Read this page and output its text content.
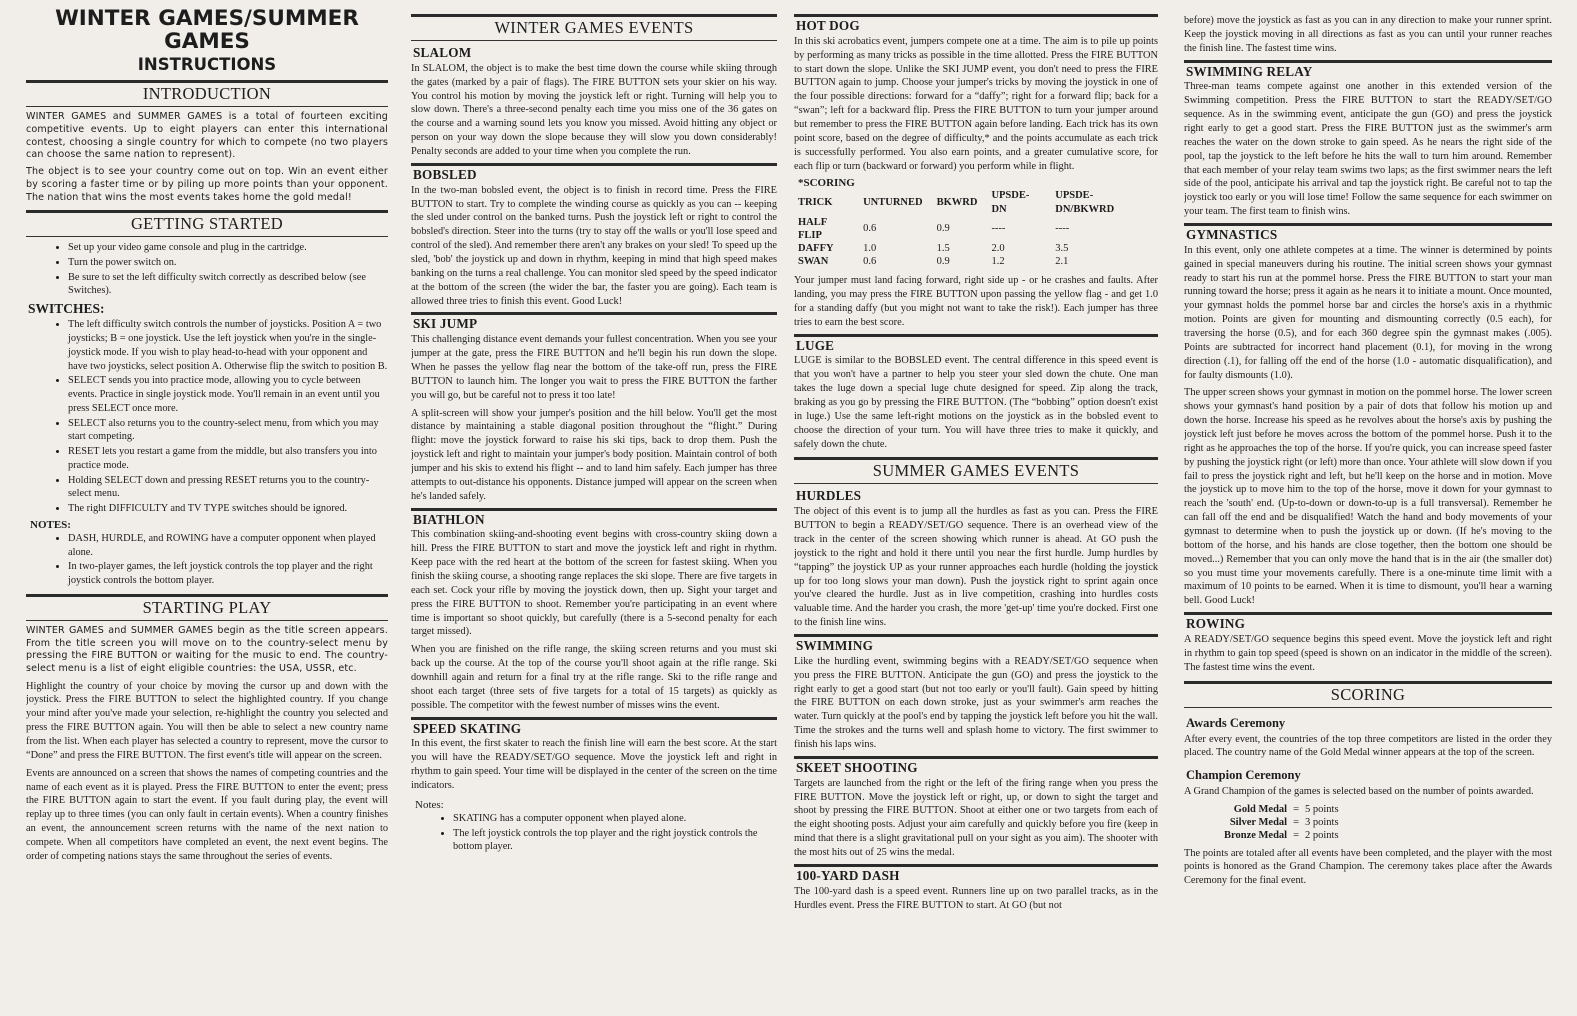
WINTER GAMES/SUMMER GAMES
INSTRUCTIONS
INTRODUCTION

WINTER GAMES and SUMMER GAMES is a total of fourteen exciting competitive events. Up to eight players can enter this international contest, choosing a single country for which to compete (no two players can choose the same nation to represent).

The object is to see your country come out on top. Win an event either by scoring a faster time or by piling up more points than your opponent. The nation that wins the most events takes home the gold medal!

GETTING STARTED
• Set up your video game console and plug in the cartridge.
• Turn the power switch on.
• Be sure to set the left difficulty switch correctly as described below (see Switches).
SWITCHES:
• The left difficulty switch controls the number of joysticks. Position A = two joysticks; B = one joystick. Use the left joystick when you're in the single-joystick mode. If you wish to play head-to-head with your opponent and have two joysticks, select position A. Otherwise flip the switch to position B.
• SELECT sends you into practice mode, allowing you to cycle between events. Practice in single joystick mode. You'll remain in an event until you press SELECT once more.
• SELECT also returns you to the country-select menu, from which you may start competing.
• RESET lets you restart a game from the middle, but also transfers you into practice mode.
• Holding SELECT down and pressing RESET returns you to the country-select menu.
• The right DIFFICULTY and TV TYPE switches should be ignored.
NOTES:
• DASH, HURDLE, and ROWING have a computer opponent when played alone.
• In two-player games, the left joystick controls the top player and the right joystick controls the bottom player.
STARTING PLAY

WINTER GAMES and SUMMER GAMES begin as the title screen appears. From the title screen you will move on to the country-select menu by pressing the FIRE BUTTON or waiting for the music to end. The country-select menu is a list of eight eligible countries: the USA, USSR, etc.

Highlight the country of your choice by moving the cursor up and down with the joystick. Press the FIRE BUTTON to select the highlighted country. If you change your mind after you've made your selection, re-highlight the country you selected and press the FIRE BUTTON again. You will then be able to select a new country name from the list. When each player has selected a country to represent, move the cursor to “Done” and press the FIRE BUTTON. The first event's title will appear on the screen.

Events are announced on a screen that shows the names of competing countries and the name of each event as it is played. Press the FIRE BUTTON to enter the event; press the FIRE BUTTON again to start the event. If you fault during play, the event will replay up to three times (you can only fault in certain events). When a country finishes an event, the announcement screen returns with the name of the next nation to compete. When all competitors have completed an event, the next event begins. The order of competing nations stays the same throughout the series of events.

WINTER GAMES EVENTS
SLALOM

In SLALOM, the object is to make the best time down the course while skiing through the gates (marked by a pair of flags). The FIRE BUTTON sets your skier on his way. You control his motion by moving the joystick left or right. Turning will help you to slow down. There's a three-second penalty each time you miss one of the 36 gates on the course and a warning sound lets you know you missed. Avoid hitting any object or person on your way down the slope because they will slow you down considerably! Penalty seconds are added to your time when you complete the run.

BOBSLED

In the two-man bobsled event, the object is to finish in record time. Press the FIRE BUTTON to start. Try to complete the winding course as quickly as you can -- keeping the sled under control on the banked turns. Push the joystick left or right to control the bobsled's direction. Steer into the turns (try to stay off the walls or you'll lose speed and control of the sled). And remember there aren't any brakes on your sled! To speed up the sled, 'bob' the joystick up and down in rhythm, keeping in mind that high speed makes banking on the turns a real challenge. You can monitor sled speed by the speed indicator at the bottom of the screen (the wider the bar, the faster you are going). Each team is allowed three tries to finish this event. Good Luck!

SKI JUMP

This challenging distance event demands your fullest concentration. When you see your jumper at the gate, press the FIRE BUTTON and he'll begin his run down the slope. When he passes the yellow flag near the bottom of the take-off run, press the FIRE BUTTON to launch him. The longer you wait to press the FIRE BUTTON the farther you will go, but be careful not to press it too late!

A split-screen will show your jumper's position and the hill below. You'll get the most distance by maintaining a stable diagonal position throughout the “flight.” During flight: move the joystick forward to raise his ski tips, back to drop them. Push the joystick left and right to maintain your jumper's body position. Maintain control of both jumper and his skis to extend his flight -- and to land him safely. Each jumper has three attempts to out-distance his opponents. Distance jumped will appear on the screen when he's landed safely.

BIATHLON

This combination skiing-and-shooting event begins with cross-country skiing down a hill. Press the FIRE BUTTON to start and move the joystick left and right in rhythm. Keep pace with the red heart at the bottom of the screen for fastest skiing. When you finish the skiing course, a shooting range replaces the ski slope. There are five targets in each set. Cock your rifle by moving the joystick down, then up. Sight your target and press the FIRE BUTTON to shoot. Remember you're participating in an event where time is important so shoot quickly, but carefully (there is a 5-second penalty for each target missed).

When you are finished on the rifle range, the skiing screen returns and you must ski back up the course. At the top of the course you'll shoot again at the rifle range. Ski downhill again and return for a final try at the rifle range. Ski to the rifle range and shoot each target (three sets of five targets for a total of 15 targets) as quickly as possible. The competitor with the fewest number of misses wins the event.

SPEED SKATING

In this event, the first skater to reach the finish line will earn the best score. At the start you will have the READY/SET/GO sequence. Move the joystick left and right in rhythm to gain speed. Your time will be displayed in the center of the screen on the time indicators.

Notes:
• SKATING has a computer opponent when played alone.
• The left joystick controls the top player and the right joystick controls the bottom player.
HOT DOG

In this ski acrobatics event, jumpers compete one at a time. The aim is to pile up points by performing as many tricks as possible in the time allotted. Press the FIRE BUTTON to start down the slope. Unlike the SKI JUMP event, you don't need to press the FIRE BUTTON again to jump. Choose your jumper's tricks by moving the joystick in one of the four possible directions: forward for a “daffy”; right for a forward flip; back for a “swan”; left for a backward flip. Press the FIRE BUTTON to turn your jumper around but remember to press the FIRE BUTTON again before landing. Each trick has its own point score, based on the degree of difficulty,* and the points accumulate as each trick is successfully performed. You also earn points, and a greater cumulative score, for each flip or turn (backward or forward) you perform while in flight.

*SCORING
TRICK	UNTURNED	BKWRD	UPSDE-DN	UPSDE-DN/BKWRD
HALF FLIP	0.6	0.9	----	----
DAFFY	1.0	1.5	2.0	3.5
SWAN	0.6	0.9	1.2	2.1

Your jumper must land facing forward, right side up - or he crashes and faults. After landing, you may press the FIRE BUTTON upon passing the yellow flag - and get 1.0 for a standing daffy (but you might not want to take the risk!). Each jumper has three tries to earn the best score.

LUGE

LUGE is similar to the BOBSLED event. The central difference in this speed event is that you won't have a partner to help you steer your sled down the chute. One man takes the luge down a special luge chute designed for speed. Zip along the track, braking as you go by pressing the FIRE BUTTON. (The “bobbing” option doesn't exist in luge.) Use the same left-right motions on the joystick as in the bobsled event to choose the direction of your turn. You will have three tries to make it quickly, and safely down the chute.

SUMMER GAMES EVENTS
HURDLES

The object of this event is to jump all the hurdles as fast as you can. Press the FIRE BUTTON to begin a READY/SET/GO sequence. There is an overhead view of the track in the center of the screen showing which runner is ahead. At GO push the joystick to the right and hold it there until you near the first hurdle. Jump hurdles by “tapping” the joystick UP as your runner approaches each hurdle (holding the joystick up for too long slows your man down). Push the joystick right to sprint again once you've cleared the hurdle. Just as in live competition, crashing into hurdles costs valuable time. And the harder you crash, the more 'get-up' time you're docked. First one to the finish line wins.

SWIMMING

Like the hurdling event, swimming begins with a READY/SET/GO sequence when you press the FIRE BUTTON. Anticipate the gun (GO) and press the joystick to the right early to get a good start (but not too early or you'll fault). Gain speed by hitting the FIRE BUTTON on each down stroke, just as your swimmer's arm reaches the water. Turn quickly at the pool's end by tapping the joystick left before you hit the wall. Time the strokes and the turns well and splash home to victory. The first swimmer to finish his laps wins.

SKEET SHOOTING

Targets are launched from the right or the left of the firing range when you press the FIRE BUTTON. Move the joystick left or right, up, or down to sight the target and shoot by pressing the FIRE BUTTON. Shoot at either one or two targets from each of the eight shooting posts. Adjust your aim carefully and quickly before you fire (keep in mind that there is a slight gravitational pull on your sight as you aim). The shooter with the most hits out of 25 wins the medal.

100-YARD DASH

The 100-yard dash is a speed event. Runners line up on two parallel tracks, as in the Hurdles event. Press the FIRE BUTTON to start. At GO (but not

before) move the joystick as fast as you can in any direction to make your runner sprint. Keep the joystick moving in all directions as fast as you can until your runner reaches the finish line. The fastest time wins.

SWIMMING RELAY

Three-man teams compete against one another in this extended version of the Swimming competition. Press the FIRE BUTTON to start the READY/SET/GO sequence. As in the swimming event, anticipate the gun (GO) and press the joystick right early to get a good start. Press the FIRE BUTTON just as the swimmer's arm reaches the water on the down stroke to gain speed. As he nears the right side of the pool, tap the joystick to the left before he hits the wall to turn him around. Remember that each member of your relay team swims two laps; as the first swimmer nears the left side of the pool, anticipate his arrival and tap the joystick right. Be careful not to tap the joystick too early or you will lose time! Follow the same sequence for each swimmer on your team. The first team to finish wins.

GYMNASTICS

In this event, only one athlete competes at a time. The winner is determined by points gained in special maneuvers during his routine. The initial screen shows your gymnast ready to start his run at the pommel horse. Press the FIRE BUTTON to start your man running toward the horse; press it again as he nears it to initiate a mount. Once mounted, your gymnast holds the pommel horse bar and circles the horse's axis in a rhythmic motion. Points are given for mounting and dismounting correctly (0.5 each), for traversing the horse (0.5), and for each 360 degree spin the gymnast makes (.005). Points are subtracted for incorrect hand placement (0.1), for moving in the wrong direction (.1), for falling off the end of the horse (1.0 - automatic disqualification), and for faulty dismounts (1.0).

The upper screen shows your gymnast in motion on the pommel horse. The lower screen shows your gymnast's hand position by a pair of dots that follow his motion up and down the horse. Increase his speed as he revolves about the horse's axis by pushing the joystick left just before he moves across the bottom of the pommel horse. Push it to the right as he approaches the top of the horse. If you're quick, you can increase speed faster by pushing the joystick right (or left) more than once. Your athlete will slow down if you fail to press the joystick right and left, but he'll keep on the horse and in motion. Move the joystick up to move him to the top of the horse, move it down for your gymnast to reach the 'south' end. (Up-to-down or down-to-up is a full transversal). Remember he can fall off the end and be disqualified! Watch the hand and body movements of your gymnast to determine when to push the joystick up or down. (If he's moving to the bottom of the horse, and his hands are close together, then the bottom one should be moved...) Remember that you can only move the hand that is in the air (the smaller dot) so you must time your movements carefully. There is a one-minute time limit with a maximum of 10 points to be earned. When it is time to dismount, you'll hear a warning bell. Good Luck!

ROWING

A READY/SET/GO sequence begins this speed event. Move the joystick left and right in rhythm to gain top speed (speed is shown on an indicator in the middle of the screen). The fastest time wins the event.

SCORING
Awards Ceremony

After every event, the countries of the top three competitors are listed in the order they placed. The country name of the Gold Medal winner appears at the top of the screen.

Champion Ceremony

A Grand Champion of the games is selected based on the number of points awarded.

Gold Medal	=	5 points
Silver Medal	=	3 points
Bronze Medal	=	2 points

The points are totaled after all events have been completed, and the player with the most points is honored as the Grand Champion. The ceremony takes place after the Awards Ceremony for the final event.
